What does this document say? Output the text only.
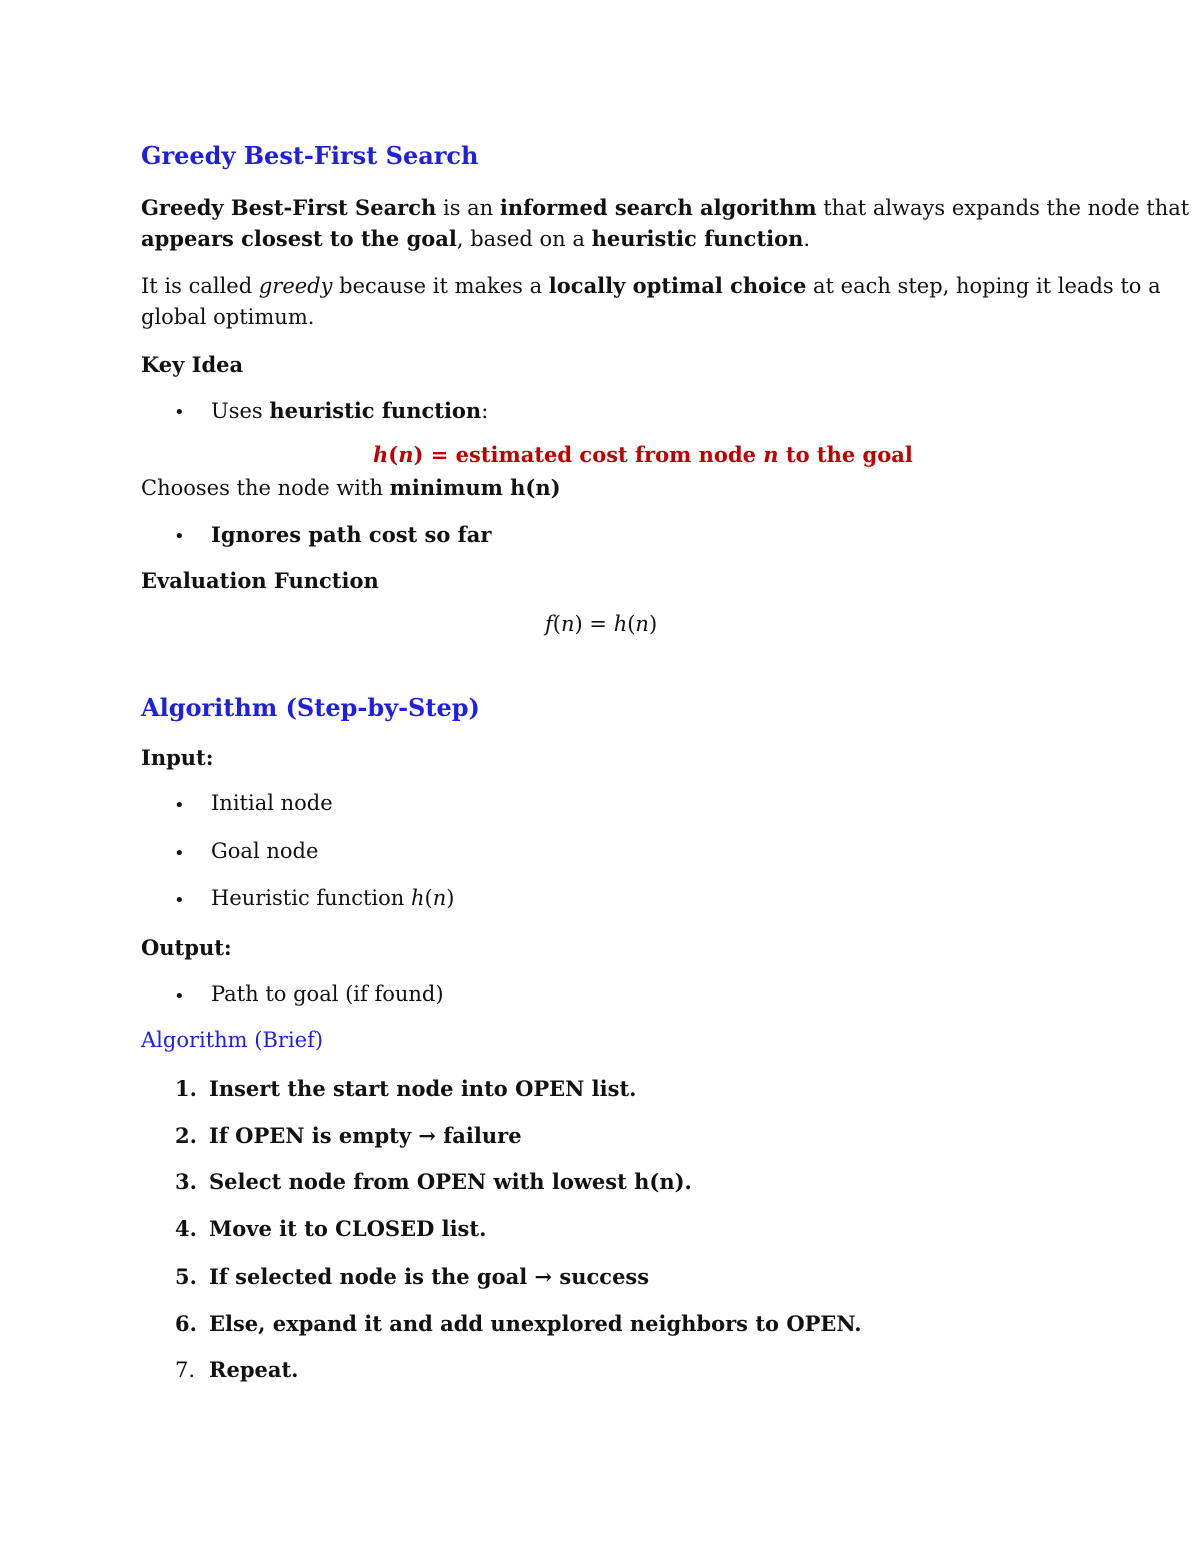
Greedy Best-First Search
Greedy Best-First Search is an informed search algorithm that always expands the node that
appears closest to the goal, based on a heuristic function.
It is called greedy because it makes a locally optimal choice at each step, hoping it leads to a
global optimum.
Key Idea
• Uses heuristic function:
h(n) = estimated cost from node n to the goal
Chooses the node with minimum h(n)
• Ignores path cost so far
Evaluation Function
f(n) = h(n)
Algorithm (Step-by-Step)
Input:
• Initial node
• Goal node
• Heuristic function h(n)
Output:
• Path to goal (if found)
Algorithm (Brief)
1. Insert the start node into OPEN list.
2. If OPEN is empty → failure
3. Select node from OPEN with lowest h(n).
4. Move it to CLOSED list.
5. If selected node is the goal → success
6. Else, expand it and add unexplored neighbors to OPEN.
7. Repeat.
